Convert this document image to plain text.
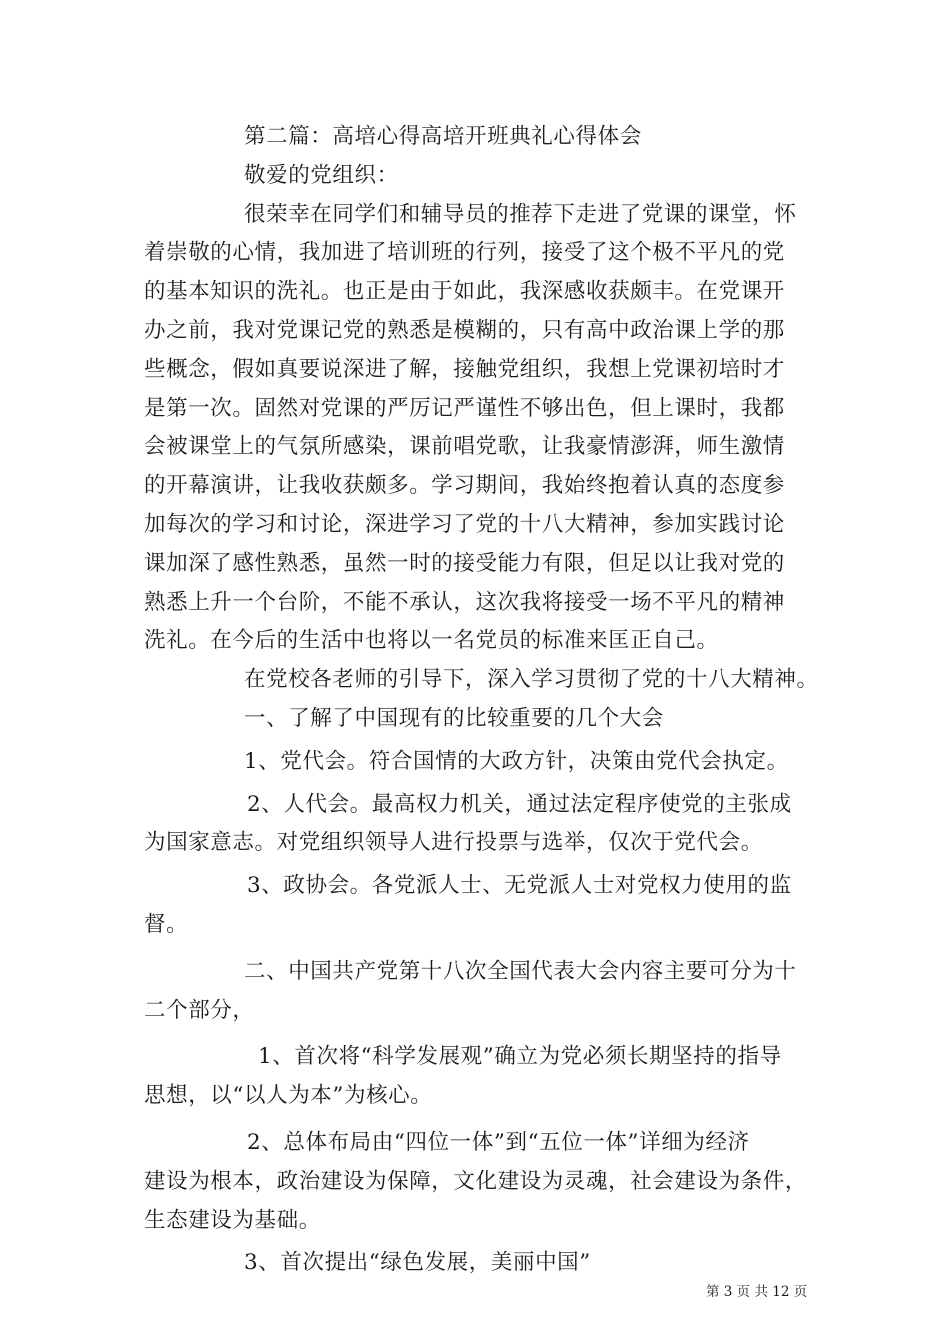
第二篇：高培心得高培开班典礼心得体会
敬爱的党组织：
很荣幸在同学们和辅导员的推荐下走进了党课的课堂，怀
着崇敬的心情，我加进了培训班的行列，接受了这个极不平凡的党
的基本知识的洗礼。也正是由于如此，我深感收获颇丰。在党课开
办之前，我对党课记党的熟悉是模糊的，只有高中政治课上学的那
些概念，假如真要说深进了解，接触党组织，我想上党课初培时才
是第一次。固然对党课的严厉记严谨性不够出色，但上课时，我都
会被课堂上的气氛所感染，课前唱党歌，让我豪情澎湃，师生激情
的开幕演讲，让我收获颇多。学习期间，我始终抱着认真的态度参
加每次的学习和讨论，深进学习了党的十八大精神，参加实践讨论
课加深了感性熟悉，虽然一时的接受能力有限，但足以让我对党的
熟悉上升一个台阶，不能不承认，这次我将接受一场不平凡的精神
洗礼。在今后的生活中也将以一名党员的标准来匡正自己。
在党校各老师的引导下，深入学习贯彻了党的十八大精神。
一、了解了中国现有的比较重要的几个大会
1、党代会。符合国情的大政方针，决策由党代会执定。
2、人代会。最高权力机关，通过法定程序使党的主张成
为国家意志。对党组织领导人进行投票与选举，仅次于党代会。
3、政协会。各党派人士、无党派人士对党权力使用的监
督。
二、中国共产党第十八次全国代表大会内容主要可分为十
二个部分，
1、首次将“科学发展观”确立为党必须长期坚持的指导
思想，以“以人为本”为核心。
2、总体布局由“四位一体”到“五位一体”详细为经济
建设为根本，政治建设为保障，文化建设为灵魂，社会建设为条件，
生态建设为基础。
3、首次提出“绿色发展，美丽中国”
第 3 页 共 12 页
